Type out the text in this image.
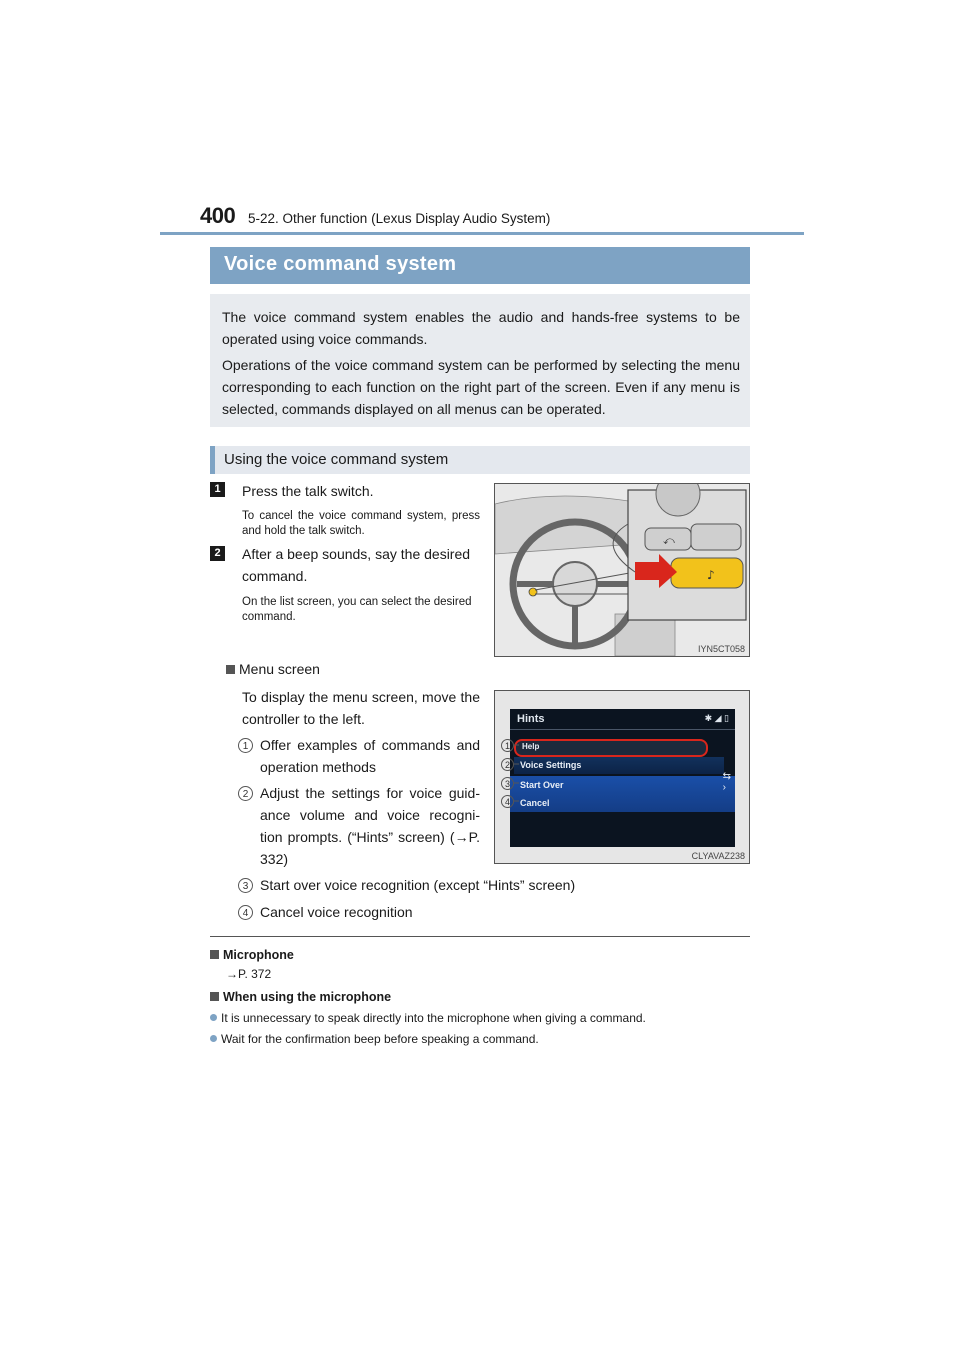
400 5-22. Other function (Lexus Display Audio System)
Voice command system

The voice command system enables the audio and hands-free systems to be operated using voice commands.

Operations of the voice command system can be performed by selecting the menu corresponding to each function on the right part of the screen. Even if any menu is selected, commands displayed on all menus can be operated.

Using the voice command system
1	Press the talk switch.
To cancel the voice command system, press and hold the talk switch.
2	After a beep sounds, say the desired command.
On the list screen, you can select the desired command.
⤺
♪
IYN5CT058
Menu screen
To display the menu screen, move the controller to the left.
1 Offer examples of commands and operation methods
2 Adjust the settings for voice guid-ance volume and voice recogni-tion prompts. (“Hints” screen) (→P. 332)
3 Start over voice recognition (except “Hints” screen)
4 Cancel voice recognition
Hints	✱ ◢ ▯
Help
Voice Settings
Start Over
Cancel
⇆
›
1
2
3
4
CLYAVAZ238
Microphone
→P. 372
When using the microphone
It is unnecessary to speak directly into the microphone when giving a command.
Wait for the confirmation beep before speaking a command.
